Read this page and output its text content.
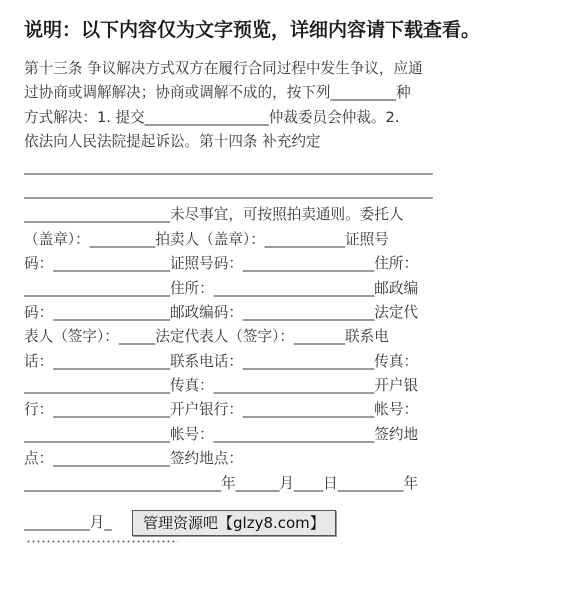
说明：以下内容仅为文字预览，详细内容请下载查看。
第十三条 争议解决方式双方在履行合同过程中发生争议，应通
过协商或调解解决；协商或调解不成的，按下列_________种
方式解决：1. 提交_________________仲裁委员会仲裁。2.
依法向人民法院提起诉讼。第十四条 补充约定
________________________________________________________
________________________________________________________
____________________未尽事宜，可按照拍卖通则。委托人
（盖章）：_________拍卖人（盖章）：___________证照号
码：________________证照号码：__________________住所：
____________________住所：______________________邮政编
码：________________邮政编码：__________________法定代
表人（签字）：_____法定代表人（签字）：_______联系电
话：________________联系电话：__________________传真：
____________________传真：______________________开户银
行：________________开户银行：__________________帐号：
____________________帐号：______________________签约地
点：________________签约地点：
___________________________年______月____日_________年
_________月_	管理资源吧【glzy8.com】
